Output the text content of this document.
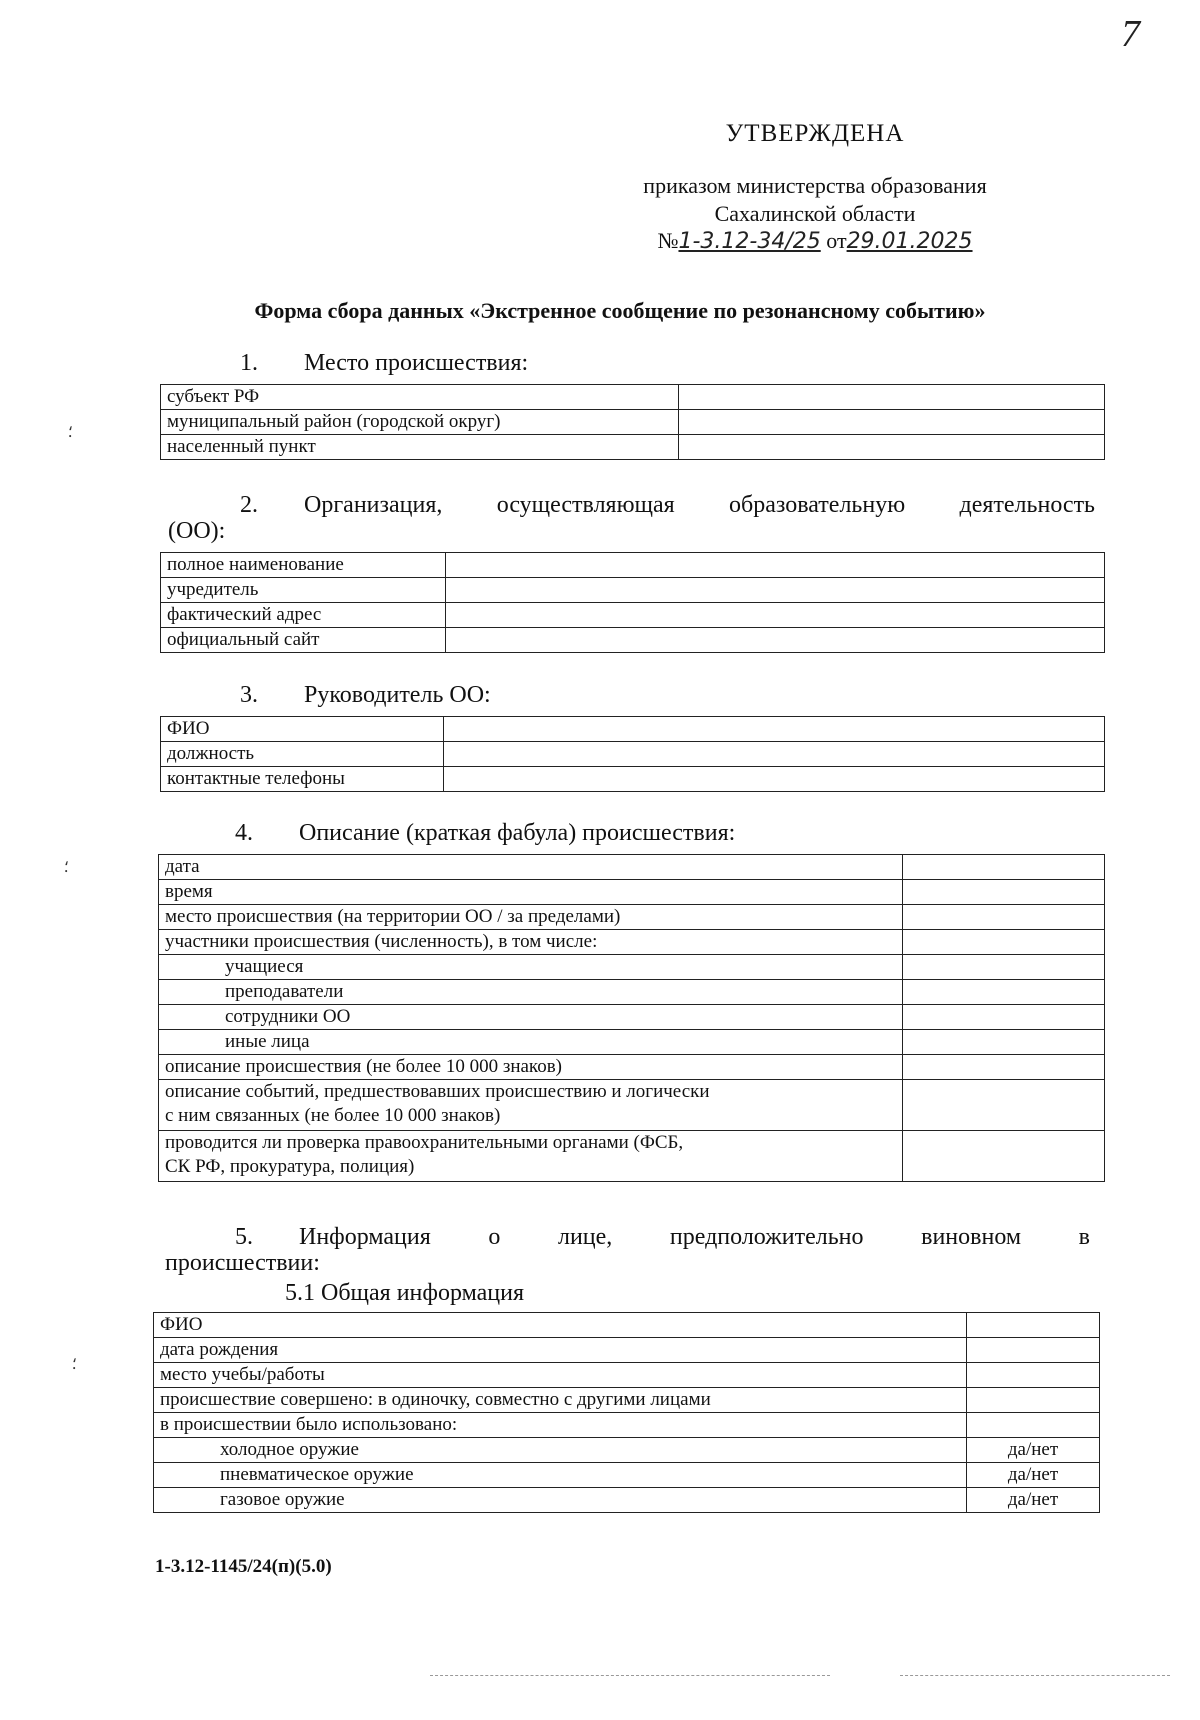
7
УТВЕРЖДЕНА
приказом министерства образования
Сахалинской области
№1-3.12-34/25 от29.01.2025
Форма сбора данных «Экстренное сообщение по резонансному событию»
1. Место происшествия:
субъект РФ	
муниципальный район (городской округ)	
населенный пункт	
2. Организация, осуществляющая образовательную деятельность
(ОО):
полное наименование	
учредитель	
фактический адрес	
официальный сайт	
3. Руководитель ОО:
ФИО	
должность	
контактные телефоны	
4. Описание (краткая фабула) происшествия:
дата	
время	
место происшествия (на территории ОО / за пределами)	
участники происшествия (численность), в том числе:	
учащиеся	
преподаватели	
сотрудники ОО	
иные лица	
описание происшествия (не более 10 000 знаков)	
описание событий, предшествовавших происшествию и логически
с ним связанных (не более 10 000 знаков)	
проводится ли проверка правоохранительными органами (ФСБ,
СК РФ, прокуратура, полиция)	
5. Информация о лице, предположительно виновном в
происшествии:
5.1 Общая информация
ФИО	
дата рождения	
место учебы/работы	
происшествие совершено: в одиночку, совместно с другими лицами	
в происшествии было использовано:	
холодное оружие	да/нет
пневматическое оружие	да/нет
газовое оружие	да/нет
1-3.12-1145/24(п)(5.0)
⸵
⸵
⸵
